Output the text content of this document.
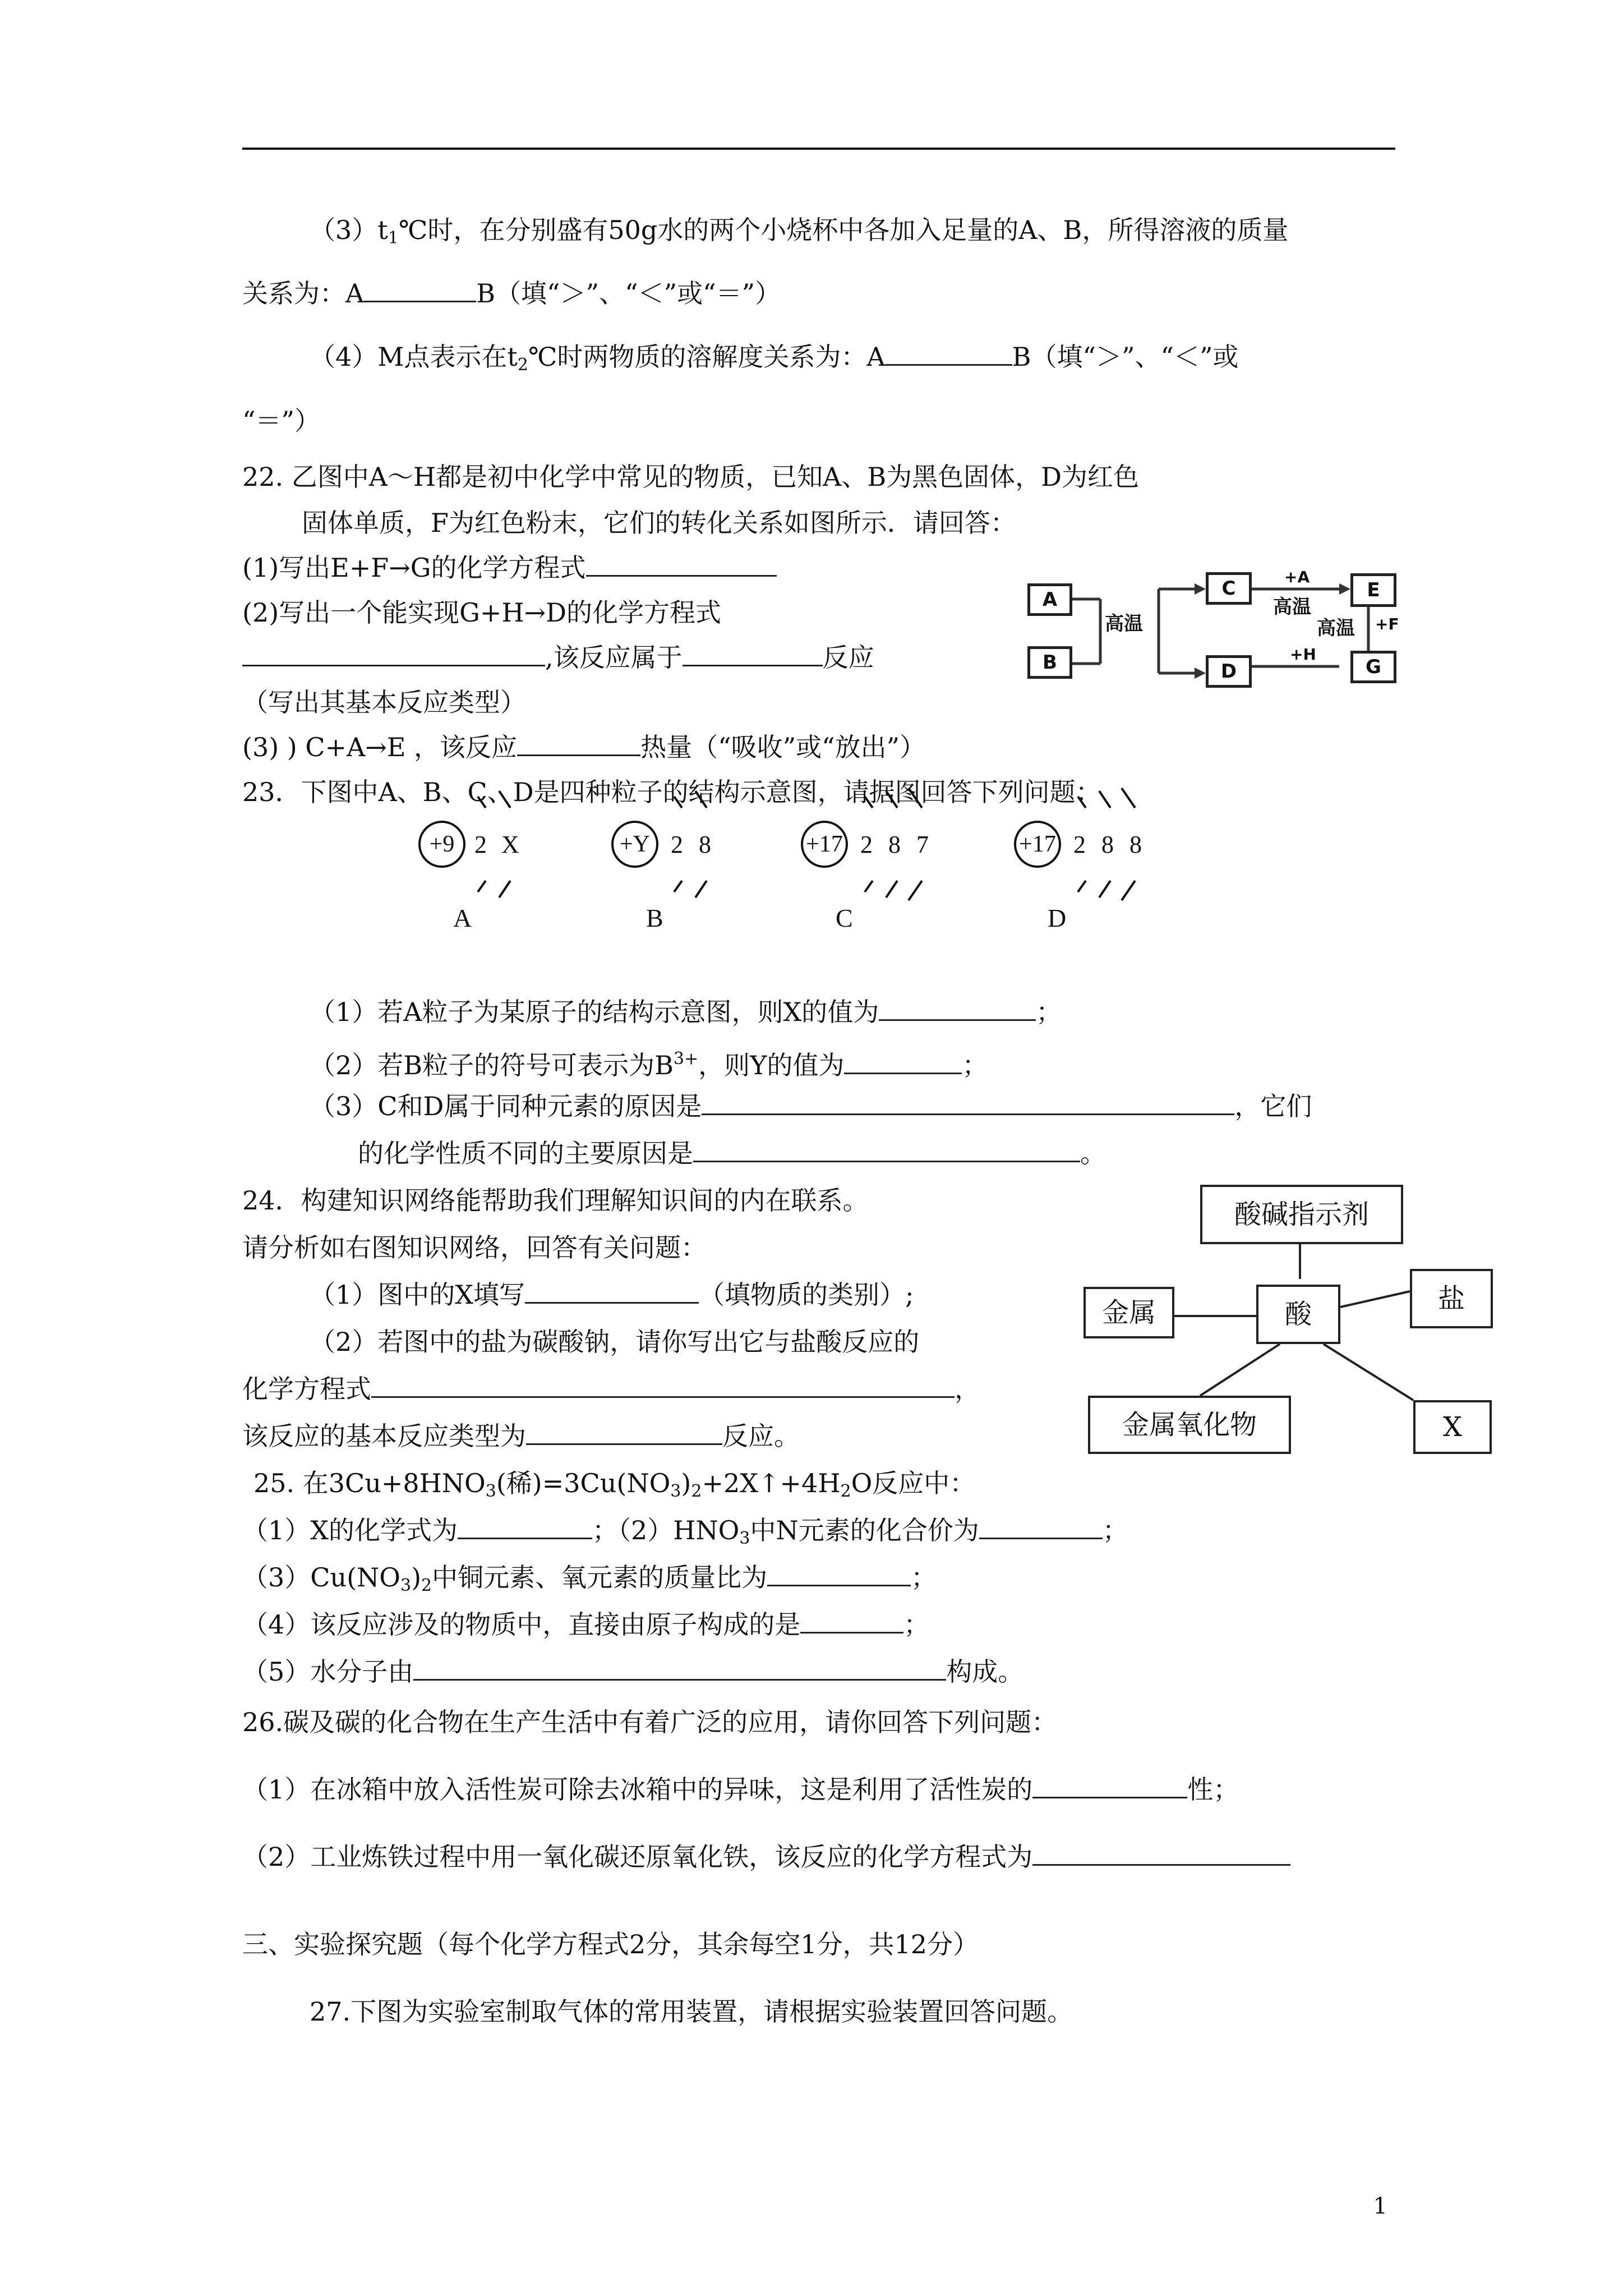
$(3)t_1℃$时，在分别盛有50g水的两个小烧杯中各加入足量的A、B，所得溶液的质量
关系为：A	B（填“＞”、“＜”或“＝”）
（4）M点表示在$t_2℃$时两物质的溶解度关系为：A	B（填“＞”、“＜”或
“＝”）
22. 乙图中A～H都是初中化学中常见的物质，已知A、B为黑色固体，D为红色
固体单质，F为红色粉末，它们的转化关系如图所示．请回答：
(1)写出E+F→G的化学方程式
(2)写出一个能实现G+H→D的化学方程式
,该反应属于	反应
（写出其基本反应类型）
(3) ) C+A→E ，该反应	热量（“吸收”或“放出”）
A
B
高温
C
D
E
G
+A
高温
高温 +F
+H
23．下图中A、B、C、D是四种粒子的结构示意图，请据图回答下列问题：
+9 2 X
A
+Y 2 8
B
+17 2 8 7
C
+17 2 8 8
D
（1）若A粒子为某原子的结构示意图，则X的值为	；
（2）若B粒子的符号可表示为$B^{3+}$，则Y的值为	；
（3）C和D属于同种元素的原因是	，它们
的化学性质不同的主要原因是	。
24．构建知识网络能帮助我们理解知识间的内在联系。
请分析如右图知识网络，回答有关问题：
（1）图中的X填写	（填物质的类别）;
（2）若图中的盐为碳酸钠，请你写出它与盐酸反应的
化学方程式	，
该反应的基本反应类型为	反应。
酸碱指示剂
酸
金属	盐
金属氧化物	X
25. 在$3Cu+8HNO_3$(稀)$=3Cu(NO_3)_2+2X↑+4H_2O$反应中：
（1）X的化学式为	；$(2)HNO_3$中N元素的化合价为	；
$(3)Cu(NO_3)_2$中铜元素、氧元素的质量比为	；
（4）该反应涉及的物质中，直接由原子构成的是	；
（5）水分子由	构成。
26.碳及碳的化合物在生产生活中有着广泛的应用，请你回答下列问题：
（1）在冰箱中放入活性炭可除去冰箱中的异味，这是利用了活性炭的	性；
（2）工业炼铁过程中用一氧化碳还原氧化铁，该反应的化学方程式为
三、实验探究题（每个化学方程式2分，其余每空1分，共12分）
27.下图为实验室制取气体的常用装置，请根据实验装置回答问题。
1
